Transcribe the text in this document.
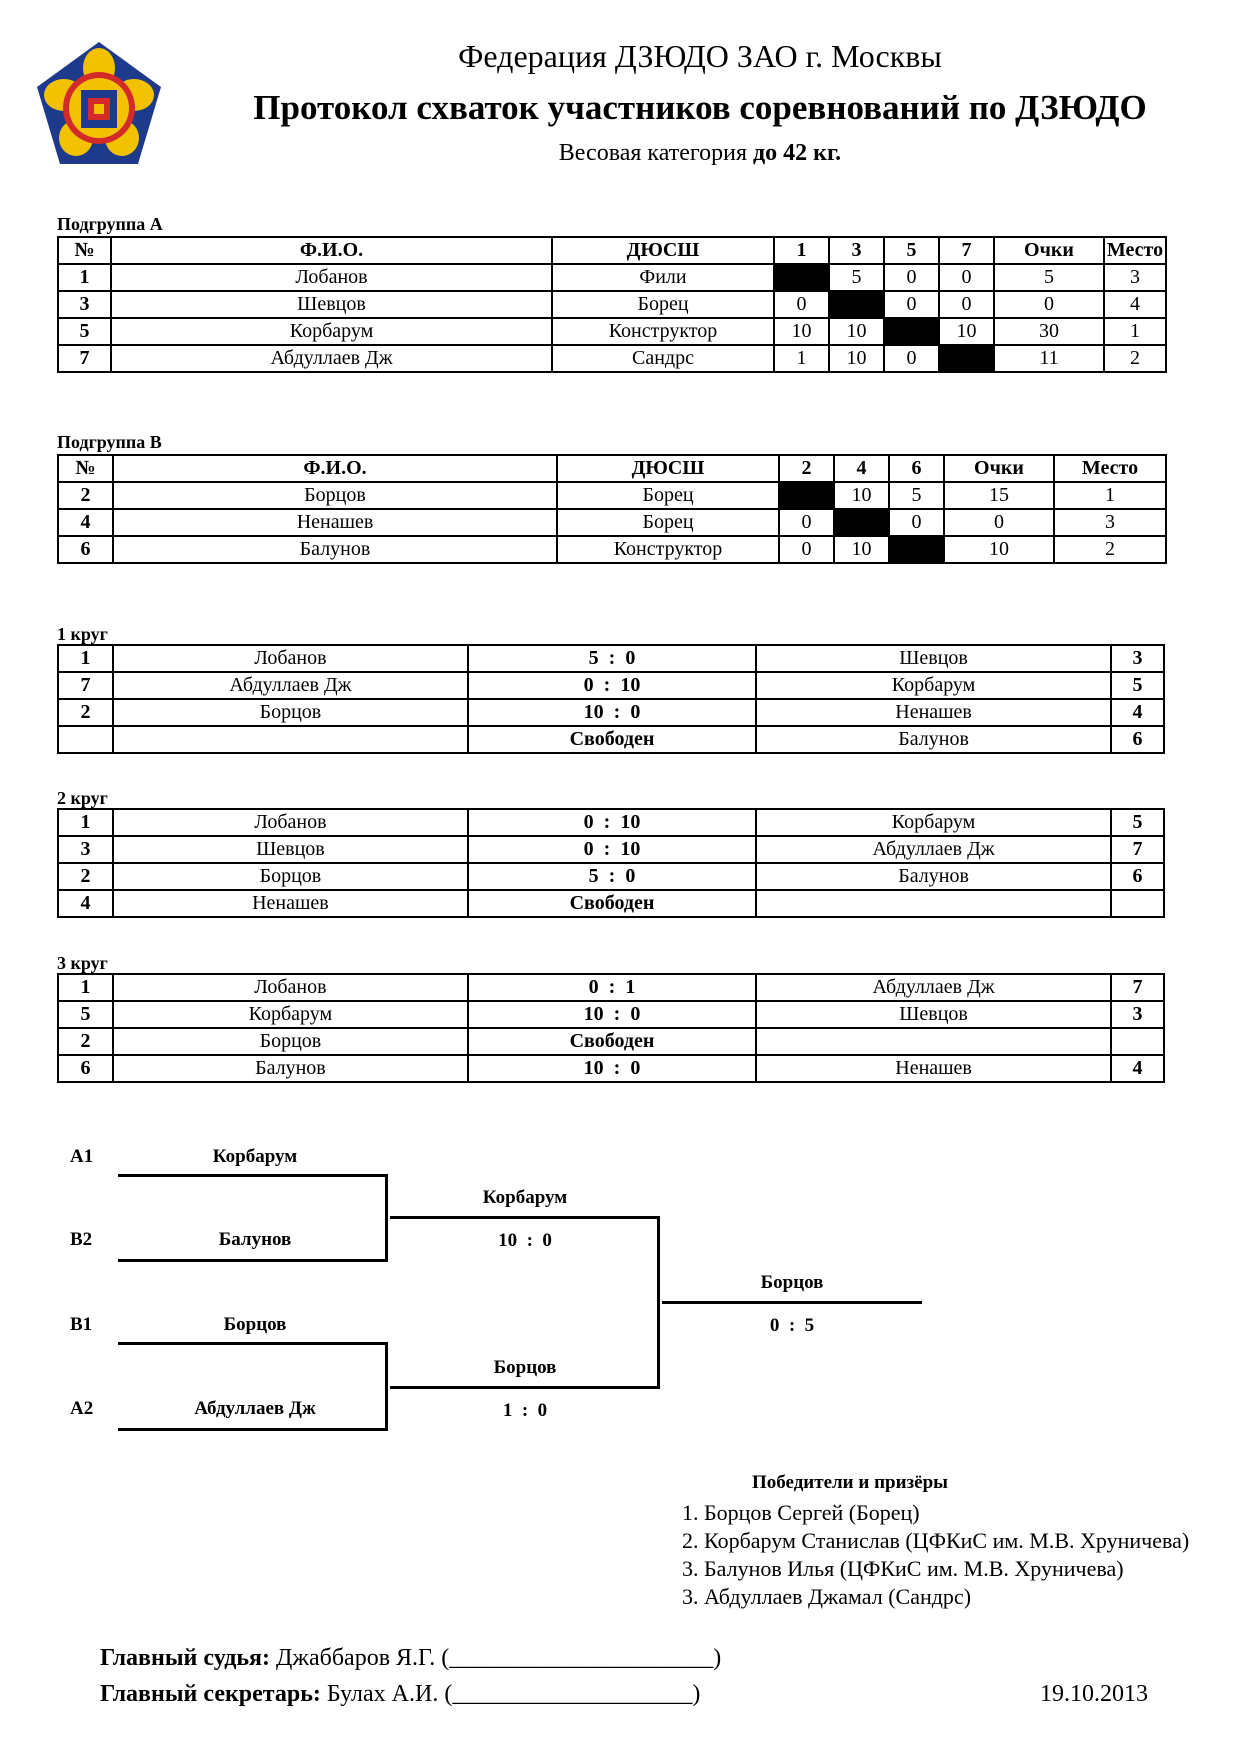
Федерация ДЗЮДО ЗАО г. Москвы
Протокол схваток участников соревнований по ДЗЮДО
Весовая категория до 42 кг.
Подгруппа А
№	Ф.И.О.	ДЮСШ	1	3	5	7	Очки	Место
1	Лобанов	Фили		5	0	0	5	3
3	Шевцов	Борец	0		0	0	0	4
5	Корбарум	Конструктор	10	10		10	30	1
7	Абдуллаев Дж	Сандрс	1	10	0		11	2
Подгруппа В
№	Ф.И.О.	ДЮСШ	2	4	6	Очки	Место
2	Борцов	Борец		10	5	15	1
4	Ненашев	Борец	0		0	0	3
6	Балунов	Конструктор	0	10		10	2
1 круг
1	Лобанов	5  :  0	Шевцов	3
7	Абдуллаев Дж	0  :  10	Корбарум	5
2	Борцов	10  :  0	Ненашев	4
		Свободен	Балунов	6
2 круг
1	Лобанов	0  :  10	Корбарум	5
3	Шевцов	0  :  10	Абдуллаев Дж	7
2	Борцов	5  :  0	Балунов	6
4	Ненашев	Свободен		
3 круг
1	Лобанов	0  :  1	Абдуллаев Дж	7
5	Корбарум	10  :  0	Шевцов	3
2	Борцов	Свободен		
6	Балунов	10  :  0	Ненашев	4
А1	Корбарум
В2	Балунов
В1	Борцов
А2	Абдуллаев Дж
Корбарум
10  :  0
Борцов
1  :  0
Борцов
0  :  5
Победители и призёры
1. Борцов Сергей (Борец)
2. Корбарум Станислав (ЦФКиС им. М.В. Хруничева)
3. Балунов Илья (ЦФКиС им. М.В. Хруничева)
3. Абдуллаев Джамал (Сандрс)
Главный судья: Джаббаров Я.Г. (______________________)
Главный секретарь: Булах А.И. (____________________)	19.10.2013
